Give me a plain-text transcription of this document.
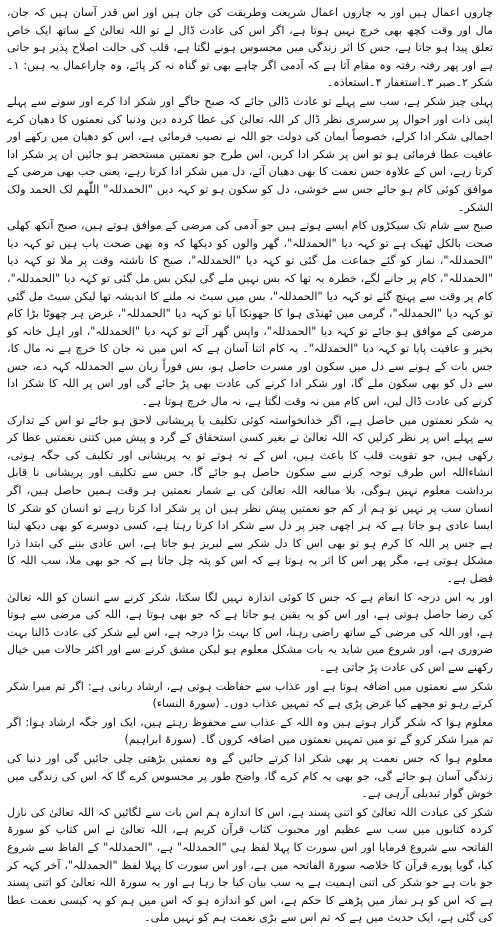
چاروں اعمال ہیں اور یہ چاروں اعمال شریعت وطریقت کی جان ہیں اور اس قدر آسان ہیں کہ جان، مال اور وقت کچھ بھی خرچ نہیں ہوتا ہے، اگر اس کی عادت ڈال لے تو اللہ تعالیٰ کے ساتھ ایک خاص تعلق پیدا ہو جاتا ہے، جس کا اثر زندگی میں محسوس ہونے لگتا ہے، قلب کی حالت اصلاح پذیر ہو جاتی ہے اور پھر رفتہ رفتہ وہ مقام آتا ہے کہ آدمی اگر چاہے بھی تو گناہ نہ کر پائے، وہ چاراعمال یہ ہیں: ۱۔شکر ۲۔صبر ۳۔استغفار ۴۔استعاذہ۔

پہلی چیز شکر ہے، سب سے پہلے تو عادت ڈالی جائے کہ صبح جاگے اور شکر ادا کرے اور سونے سے پہلے اپنی ذات اور احوال پر سرسری نظر ڈال کر اللہ تعالیٰ کی عطا کردہ دین ودنیا کی نعمتوں کا دھیان کرے اجمالی شکر ادا کرلے، خصوصاً ایمان کی دولت جو اللہ نے نصیب فرمائی ہے، اس کو دھیان میں رکھے اور عافیت عطا فرمائی ہو تو اس پر شکر ادا کریں، اس طرح جو نعمتیں مستحضر ہو جائیں ان پر شکر ادا کرتا رہے، اس کے علاوہ جس نعمت کا بھی دھیان آئے، دل میں شکر ادا کرتا رہے، یعنی جب بھی مرضی کے موافق کوئی کام ہو جائے جس سے خوشی، دل کو سکون ہو تو کہہ دیں "الحمدللہ" اللّٰھم لک الحمد ولک الشکر۔

صبح سے شام تک سیکڑوں کام ایسے ہوتے ہیں جو آدمی کی مرضی کے موافق ہوتے ہیں، صبح آنکھ کھلی صحت بالکل ٹھیک ہے تو کہہ دیا "الحمدللہ"، گھر والوں کو دیکھا کہ وہ بھی صحت یاب ہیں تو کہہ دیا "الحمدللہ"، نماز کو گئے جماعت مل گئی تو کہہ دیا "الحمدللہ"، صبح کا ناشتہ وقت پر ملا تو کہہ دیا "الحمدللہ"، کام پر جانے لگے، خطرہ یہ تھا کہ بس نہیں ملے گی لیکن بس مل گئی تو کہہ دیا "الحمدللہ"، کام پر وقت سے پہنچ گئے تو کہہ دیا "الحمدللہ"، بس میں سیٹ نہ ملنے کا اندیشہ تھا لیکن سیٹ مل گئی تو کہہ دیا "الحمدللہ"، گرمی میں ٹھنڈی ہوا کا جھونکا آیا تو کہہ دیا "الحمدللہ"، غرض ہر چھوٹا بڑا کام مرضی کے موافق ہو جائے تو کہہ دیا "الحمدللہ"، واپس گھر آئے تو کہہ دیا "الحمدللہ"، اور اہل خانہ کو بخیر و عافیت پایا تو کہہ دیا "الحمدللہ"۔ یہ کام اتنا آسان ہے کہ اس میں نہ جان کا خرچ ہے نہ مال کا، جس بات کے ہونے سے دل میں سکون اور مسرت حاصل ہو، بس فوراً زبان سے الحمدللہ کہہ دے، جس سے دل کو بھی سکون ملے گا، اور شکر ادا کرنے کی عادت بھی پڑ جائے گی اور اس پر اللہ کا شکر ادا کرنے کی عادت ڈال لیں، اس کام میں نہ وقت لگتا ہے، نہ مال خرچ ہوتا ہے۔

یہ شکر نعمتوں میں حاصل ہے، اگر خدانخواستہ کوئی تکلیف یا پریشانی لاحق ہو جائے تو اس کے تدارک سے پہلے اس پر نظر کرلیں کہ اللہ تعالیٰ نے بغیر کسی استحقاق کے گرد و پیش میں کتنی نعمتیں عطا کر رکھی ہیں، جو تقویت قلب کا باعث ہیں، اس کے نہ ہوتے تو یہ پریشانی اور تکلیف کی جگہ ہوتی، انشاءاللہ اس طرف توجہ کرنے سے سکون حاصل ہو جائے گا، جس سے تکلیف اور پریشانی نا قابل برداشت معلوم نہیں ہوگی، بلا مبالغہ اللہ تعالیٰ کی بے شمار نعمتیں ہر وقت ہمیں حاصل ہیں، اگر انسان سب پر نہیں تو ہم از کم جو نعمتیں پیش نظر ہیں ان پر شکر ادا کرتا رہے تو انسان کو شکر کا ایسا عادی ہو جاتا ہے کہ ہر اچھی چیز پر دل سے شکر ادا کرتا رہتا ہے، کسی دوسرے کو بھی دیکھ لیتا ہے جس پر اللہ کا کرم ہو تو بھی اس کا دل شکر سے لبریز ہو جاتا ہے، اس عادی بننے کی ابتدا ذرا مشکل ہوتی ہے، مگر پھر اس کا اثر یہ ہوتا ہے کہ اس کو پتہ چل جاتا ہے کہ جو بھی ملا، سب اللہ کا فضل ہے۔

اور یہ اس درجہ کا انعام ہے کہ جس کا کوئی اندازہ نہیں لگا سکتا، شکر کرنے سے انسان کو اللہ تعالیٰ کی رضا حاصل ہوتی ہے، اور اس کو یہ یقین ہو جاتا ہے کہ جو بھی ہوتا ہے، اللہ کی مرضی سے ہوتا ہے، اور اللہ کی مرضی کے ساتھ راضی رہنا، اس کا بہت بڑا درجہ ہے، اس لیے شکر کی عادت ڈالنا بہت ضروری ہے، اور شروع میں شاید یہ بات مشکل معلوم ہو لیکن مشق کرنے سے اور اکثر حالات میں خیال رکھنے سے اس کی عادت پڑ جاتی ہے۔

شکر سے نعمتوں میں اضافہ ہوتا ہے اور عذاب سے حفاظت ہوتی ہے، ارشاد ربانی ہے: اگر تم میرا شکر کرتے رہو تو مجھے کیا غرض پڑی ہے کہ تمہیں عذاب دوں۔ (سورۃ النساء)

معلوم ہوا کہ شکر گزار ہوتے ہیں وہ اللہ کے عذاب سے محفوظ رہتے ہیں، ایک اور جگہ ارشاد ہوا: اگر تم میرا شکر کرو گے تو میں تمہیں نعمتوں میں اضافہ کروں گا۔ (سورۃ ابراہیم)

معلوم ہوا کہ جس نعمت پر بھی شکر ادا کرتے جائیں گے وہ نعمتیں بڑھتی چلی جائیں گی اور دنیا کی زندگی آسان ہو جائے گی، جو بھی یہ کام کرے گا، واضح طور پر محسوس کرے گا کہ اس کی زندگی میں خوش گوار تبدیلی آرہی ہے۔

شکر کی عبادت اللہ تعالیٰ کو اتنی پسند ہے، اس کا اندازہ ہم اس بات سے لگائیں کہ اللہ تعالیٰ کی نازل کردہ کتابوں میں سب سے عظیم اور محبوب کتاب قرآن کریم ہے، اللہ تعالیٰ نے اس کتاب کو سورۃ الفاتحہ سے شروع فرمایا اور اس سورت کا پہلا لفظ ہی "الحمدللہ" ہے، "الحمدللہ" کے الفاظ سے شروع کیا، گویا پورے قرآن کا خلاصہ سورۃ الفاتحہ میں ہے، اور اس سورت کا پہلا لفظ "الحمدللہ"، آخر کہہ کر جو بات ہے جو شکر کی اتنی اہمیت ہے یہ سب بیان کیا جا رہا ہے اور یہ سورۃ اللہ تعالیٰ کو اتنی پسند ہے کہ اس کو ہر نماز میں پڑھنے کا حکم ہے، اس کو اندازہ ہو کہ اس میں ہم کو یہ کیسی نعمت عطا کی گئی ہے، ایک حدیث میں ہے کہ تم اس سے بڑی نعمت ہم کو نہیں ملی۔
